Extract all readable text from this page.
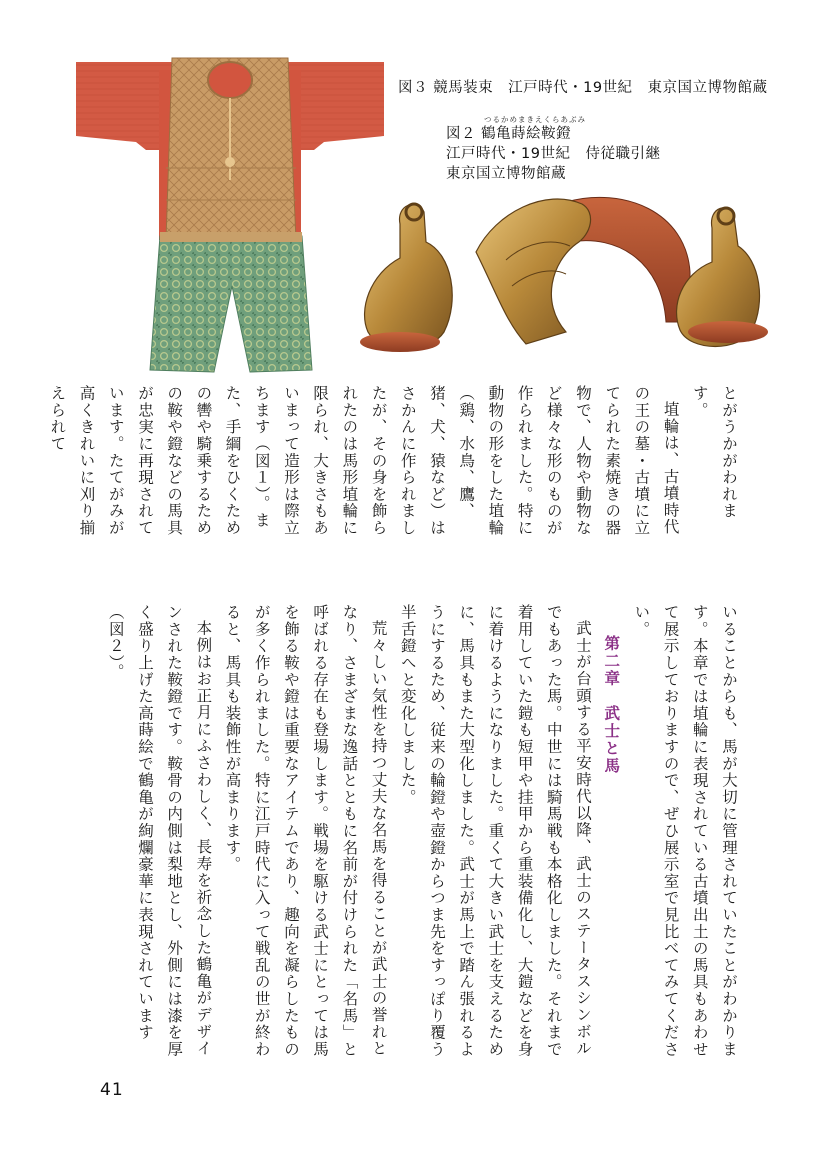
図３ 競馬装束　江戸時代・19世紀　東京国立博物館蔵
つるかめまきえくらあぶみ
図２ 鶴亀蒔絵鞍鐙
江戸時代・19世紀　侍従職引継
東京国立博物館蔵

とがうかがわれます。

埴輪は、古墳時代の王の墓・古墳に立てられた素焼きの器物で、人物や動物など様々な形のものが作られました。特に動物の形をした埴輪（鶏、水鳥、鷹、猪、犬、猿など）はさかんに作られましたが、その身を飾られたのは馬形埴輪に限られ、大きさもあいまって造形は際立ちます（図１）。また、手綱をひくための轡や騎乗するための鞍や鐙などの馬具が忠実に再現されています。たてがみが高くきれいに刈り揃えられて

いることからも、馬が大切に管理されていたことがわかります。本章では埴輪に表現されている古墳出土の馬具もあわせて展示しておりますので、ぜひ展示室で見比べてみてください。

第二章　武士と馬

武士が台頭する平安時代以降、武士のステータスシンボルでもあった馬。中世には騎馬戦も本格化しました。それまで着用していた鎧も短甲や挂甲から重装備化し、大鎧などを身に着けるようになりました。重くて大きい武士を支えるために、馬具もまた大型化しました。武士が馬上で踏ん張れるようにするため、従来の輪鐙や壺鐙からつま先をすっぽり覆う半舌鐙へと変化しました。

荒々しい気性を持つ丈夫な名馬を得ることが武士の誉れとなり、さまざまな逸話とともに名前が付けられた「名馬」と呼ばれる存在も登場します。戦場を駆ける武士にとっては馬を飾る鞍や鐙は重要なアイテムであり、趣向を凝らしたものが多く作られました。特に江戸時代に入って戦乱の世が終わると、馬具も装飾性が高まります。

本例はお正月にふさわしく、長寿を祈念した鶴亀がデザインされた鞍鐙です。鞍骨の内側は梨地とし、外側には漆を厚く盛り上げた高蒔絵で鶴亀が絢爛豪華に表現されています（図２）。

41
